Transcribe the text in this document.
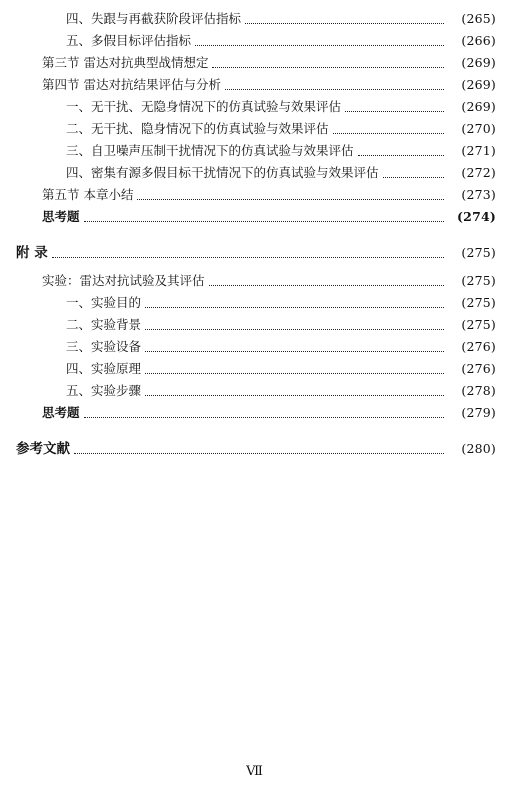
四、失跟与再截获阶段评估指标	( 265 )
五、多假目标评估指标	( 266 )
第三节 雷达对抗典型战情想定	( 269 )
第四节 雷达对抗结果评估与分析	( 269 )
一、无干扰、无隐身情况下的仿真试验与效果评估	( 269 )
二、无干扰、隐身情况下的仿真试验与效果评估	( 270 )
三、自卫噪声压制干扰情况下的仿真试验与效果评估	( 271 )
四、密集有源多假目标干扰情况下的仿真试验与效果评估	( 272 )
第五节 本章小结	( 273 )
思考题	( 274 )
附 录	( 275 )
实验：雷达对抗试验及其评估	( 275 )
一、实验目的	( 275 )
二、实验背景	( 275 )
三、实验设备	( 276 )
四、实验原理	( 276 )
五、实验步骤	( 278 )
思考题	( 279 )
参考文献	( 280 )
Ⅶ
